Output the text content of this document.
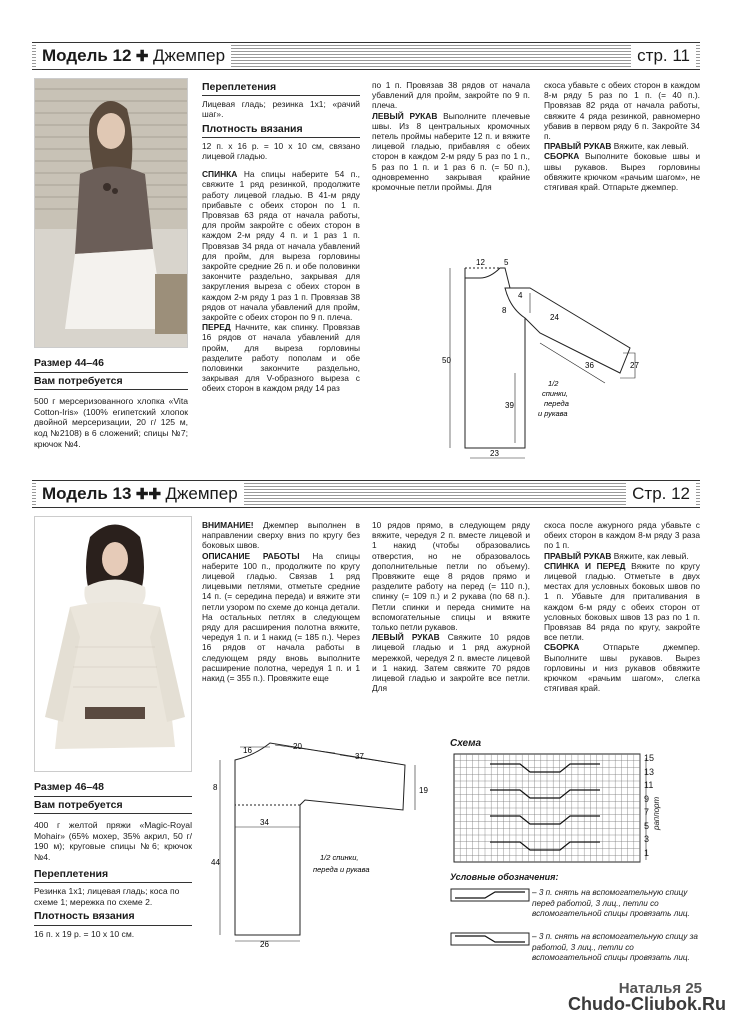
Модель 12 ✚ Джемпер	стр. 11
Размер 44–46
Вам потребуется
500 г мерсеризованного хлопка «Vita Cotton-Iris» (100% египетский хлопок двойной мерсеризации, 20 г/ 125 м, код №2108) в 6 сложений; спицы №7; крючок №4.
Переплетения
Лицевая гладь; резинка 1x1; «рачий шаг».
Плотность вязания
12 п. x 16 р. = 10 x 10 см, связано лицевой гладью.

СПИНКА На спицы наберите 54 п., свяжите 1 ряд резинкой, продолжите работу лицевой гладью. В 41-м ряду прибавьте с обеих сторон по 1 п. Провязав 63 ряда от начала работы, для пройм закройте с обеих сторон в каждом 2-м ряду 4 п. и 1 раз 1 п. Провязав 34 ряда от начала убавлений для пройм, для выреза горловины закройте средние 26 п. и обе половинки закончите раздельно, закрывая для закругления выреза с обеих сторон в каждом 2-м ряду 1 раз 1 п. Провязав 38 рядов от начала убавлений для пройм, закройте с обеих сторон по 9 п. плеча.

ПЕРЕД Начните, как спинку. Провязав 16 рядов от начала убавлений для пройм, для выреза горловины разделите работу пополам и обе половинки закончите раздельно, закрывая для V-образного выреза с обеих сторон в каждом ряду 14 раз

по 1 п. Провязав 38 рядов от начала убавлений для пройм, закройте по 9 п. плеча.

ЛЕВЫЙ РУКАВ Выполните плечевые швы. Из 8 центральных кромочных петель проймы наберите 12 п. и вяжите лицевой гладью, прибавляя с обеих сторон в каждом 2-м ряду 5 раз по 1 п., 5 раз по 1 п. и 1 раз 6 п. (= 50 п.), одновременно закрывая крайние кромочные петли проймы. Для

скоса убавьте с обеих сторон в каждом 8-м ряду 5 раз по 1 п. (= 40 п.). Провязав 82 ряда от начала работы, свяжите 4 ряда резинкой, равномерно убавив в первом ряду 6 п. Закройте 34 п.

ПРАВЫЙ РУКАВ Вяжите, как левый.

СБОРКА Выполните боковые швы и швы рукавов. Вырез горловины обвяжите крючком «рачьим шагом», не стягивая край. Отпарьте джемпер.

12 5
4
8
24
50
39
23
36	27
1/2
спинки,
переда
и рукава
Модель 13 ✚✚ Джемпер	Стр. 12
Размер 46–48
Вам потребуется
400 г желтой пряжи «Magic-Royal Mohair» (65% мохер, 35% акрил, 50 г/ 190 м); круговые спицы №6; крючок №4.
Переплетения
Резинка 1x1; лицевая гладь; коса по схеме 1; мережка по схеме 2.
Плотность вязания
16 п. x 19 р. = 10 x 10 см.

ВНИМАНИЕ! Джемпер выполнен в направлении сверху вниз по кругу без боковых швов.

ОПИСАНИЕ РАБОТЫ На спицы наберите 100 п., продолжите по кругу лицевой гладью. Связав 1 ряд лицевыми петлями, отметьте средние 14 п. (= середина переда) и вяжите эти петли узором по схеме до конца детали. На остальных петлях в следующем ряду для расширения полотна вяжите, чередуя 1 п. и 1 накид (= 185 п.). Через 16 рядов от начала работы в следующем ряду вновь выполните расширение полотна, чередуя 1 п. и 1 накид (= 355 п.). Провяжите еще

10 рядов прямо, в следующем ряду вяжите, чередуя 2 п. вместе лицевой и 1 накид (чтобы образовались отверстия, но не образовалось дополнительные петли по объему). Провяжите еще 8 рядов прямо и разделите работу на перед (= 110 п.), спинку (= 109 п.) и 2 рукава (по 68 п.). Петли спинки и переда снимите на вспомогательные спицы и вяжите только петли рукавов.

ЛЕВЫЙ РУКАВ Свяжите 10 рядов лицевой гладью и 1 ряд ажурной мережкой, чередуя 2 п. вместе лицевой и 1 накид. Затем свяжите 70 рядов лицевой гладью и закройте все петли. Для

скоса после ажурного ряда убавьте с обеих сторон в каждом 8-м ряду 3 раза по 1 п.

ПРАВЫЙ РУКАВ Вяжите, как левый.

СПИНКА И ПЕРЕД Вяжите по кругу лицевой гладью. Отметьте в двух местах для условных боковых швов по 1 п. Убавьте для приталивания в каждом 6-м ряду с обеих сторон от условных боковых швов 13 раз по 1 п. Провязав 84 ряда по кругу, закройте все петли.

СБОРКА Отпарьте джемпер. Выполните швы рукавов. Вырез горловины и низ рукавов обвяжите крючком «рачьим шагом», слегка стягивая край.

16	20
37
8	19
34
44
26
1/2 спинки,
переда и рукава
Схема
15
13
11
9
7
5
3
1
раппорт
Условные обозначения:
– 3 п. снять на вспомогательную спицу перед работой, 3 лиц., петли со вспомогательной спицы провязать лиц.
– 3 п. снять на вспомогательную спицу за работой, 3 лиц., петли со вспомогательной спицы провязать лиц.
Наталья 25
Chudo-Cliubok.Ru
